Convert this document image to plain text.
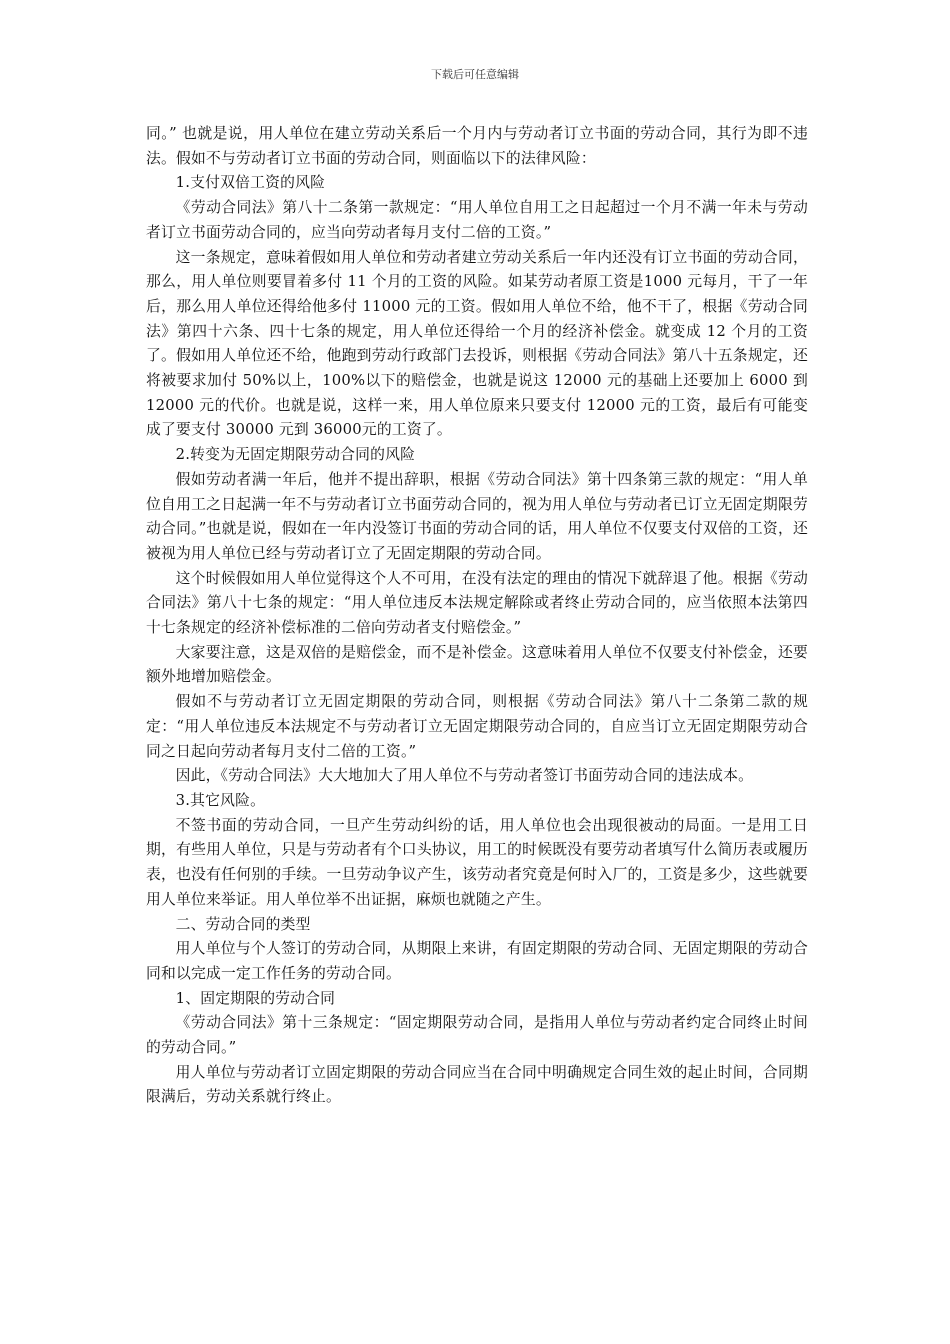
下载后可任意编辑

同。” 也就是说，用人单位在建立劳动关系后一个月内与劳动者订立书面的劳动合同，其行为即不违法。假如不与劳动者订立书面的劳动合同，则面临以下的法律风险：

1.支付双倍工资的风险

《劳动合同法》第八十二条第一款规定：“用人单位自用工之日起超过一个月不满一年未与劳动者订立书面劳动合同的，应当向劳动者每月支付二倍的工资。”

这一条规定，意味着假如用人单位和劳动者建立劳动关系后一年内还没有订立书面的劳动合同，那么，用人单位则要冒着多付 11 个月的工资的风险。如某劳动者原工资是1000 元每月，干了一年后，那么用人单位还得给他多付 11000 元的工资。假如用人单位不给，他不干了，根据《劳动合同法》第四十六条、四十七条的规定，用人单位还得给一个月的经济补偿金。就变成 12 个月的工资了。假如用人单位还不给，他跑到劳动行政部门去投诉，则根据《劳动合同法》第八十五条规定，还将被要求加付 50%以上，100%以下的赔偿金，也就是说这 12000 元的基础上还要加上 6000 到 12000 元的代价。也就是说，这样一来，用人单位原来只要支付 12000 元的工资，最后有可能变成了要支付 30000 元到 36000元的工资了。

2.转变为无固定期限劳动合同的风险

假如劳动者满一年后，他并不提出辞职，根据《劳动合同法》第十四条第三款的规定：“用人单位自用工之日起满一年不与劳动者订立书面劳动合同的，视为用人单位与劳动者已订立无固定期限劳动合同。”也就是说，假如在一年内没签订书面的劳动合同的话，用人单位不仅要支付双倍的工资，还被视为用人单位已经与劳动者订立了无固定期限的劳动合同。

这个时候假如用人单位觉得这个人不可用，在没有法定的理由的情况下就辞退了他。根据《劳动合同法》第八十七条的规定：“用人单位违反本法规定解除或者终止劳动合同的，应当依照本法第四十七条规定的经济补偿标准的二倍向劳动者支付赔偿金。”

大家要注意，这是双倍的是赔偿金，而不是补偿金。这意味着用人单位不仅要支付补偿金，还要额外地增加赔偿金。

假如不与劳动者订立无固定期限的劳动合同，则根据《劳动合同法》第八十二条第二款的规定：“用人单位违反本法规定不与劳动者订立无固定期限劳动合同的，自应当订立无固定期限劳动合同之日起向劳动者每月支付二倍的工资。”

因此，《劳动合同法》大大地加大了用人单位不与劳动者签订书面劳动合同的违法成本。

3.其它风险。

不签书面的劳动合同，一旦产生劳动纠纷的话，用人单位也会出现很被动的局面。一是用工日期，有些用人单位，只是与劳动者有个口头协议，用工的时候既没有要劳动者填写什么简历表或履历表，也没有任何别的手续。一旦劳动争议产生，该劳动者究竟是何时入厂的，工资是多少，这些就要用人单位来举证。用人单位举不出证据，麻烦也就随之产生。

二、劳动合同的类型

用人单位与个人签订的劳动合同，从期限上来讲，有固定期限的劳动合同、无固定期限的劳动合同和以完成一定工作任务的劳动合同。

1、固定期限的劳动合同

《劳动合同法》第十三条规定：“固定期限劳动合同，是指用人单位与劳动者约定合同终止时间的劳动合同。”

用人单位与劳动者订立固定期限的劳动合同应当在合同中明确规定合同生效的起止时间，合同期限满后，劳动关系就行终止。
